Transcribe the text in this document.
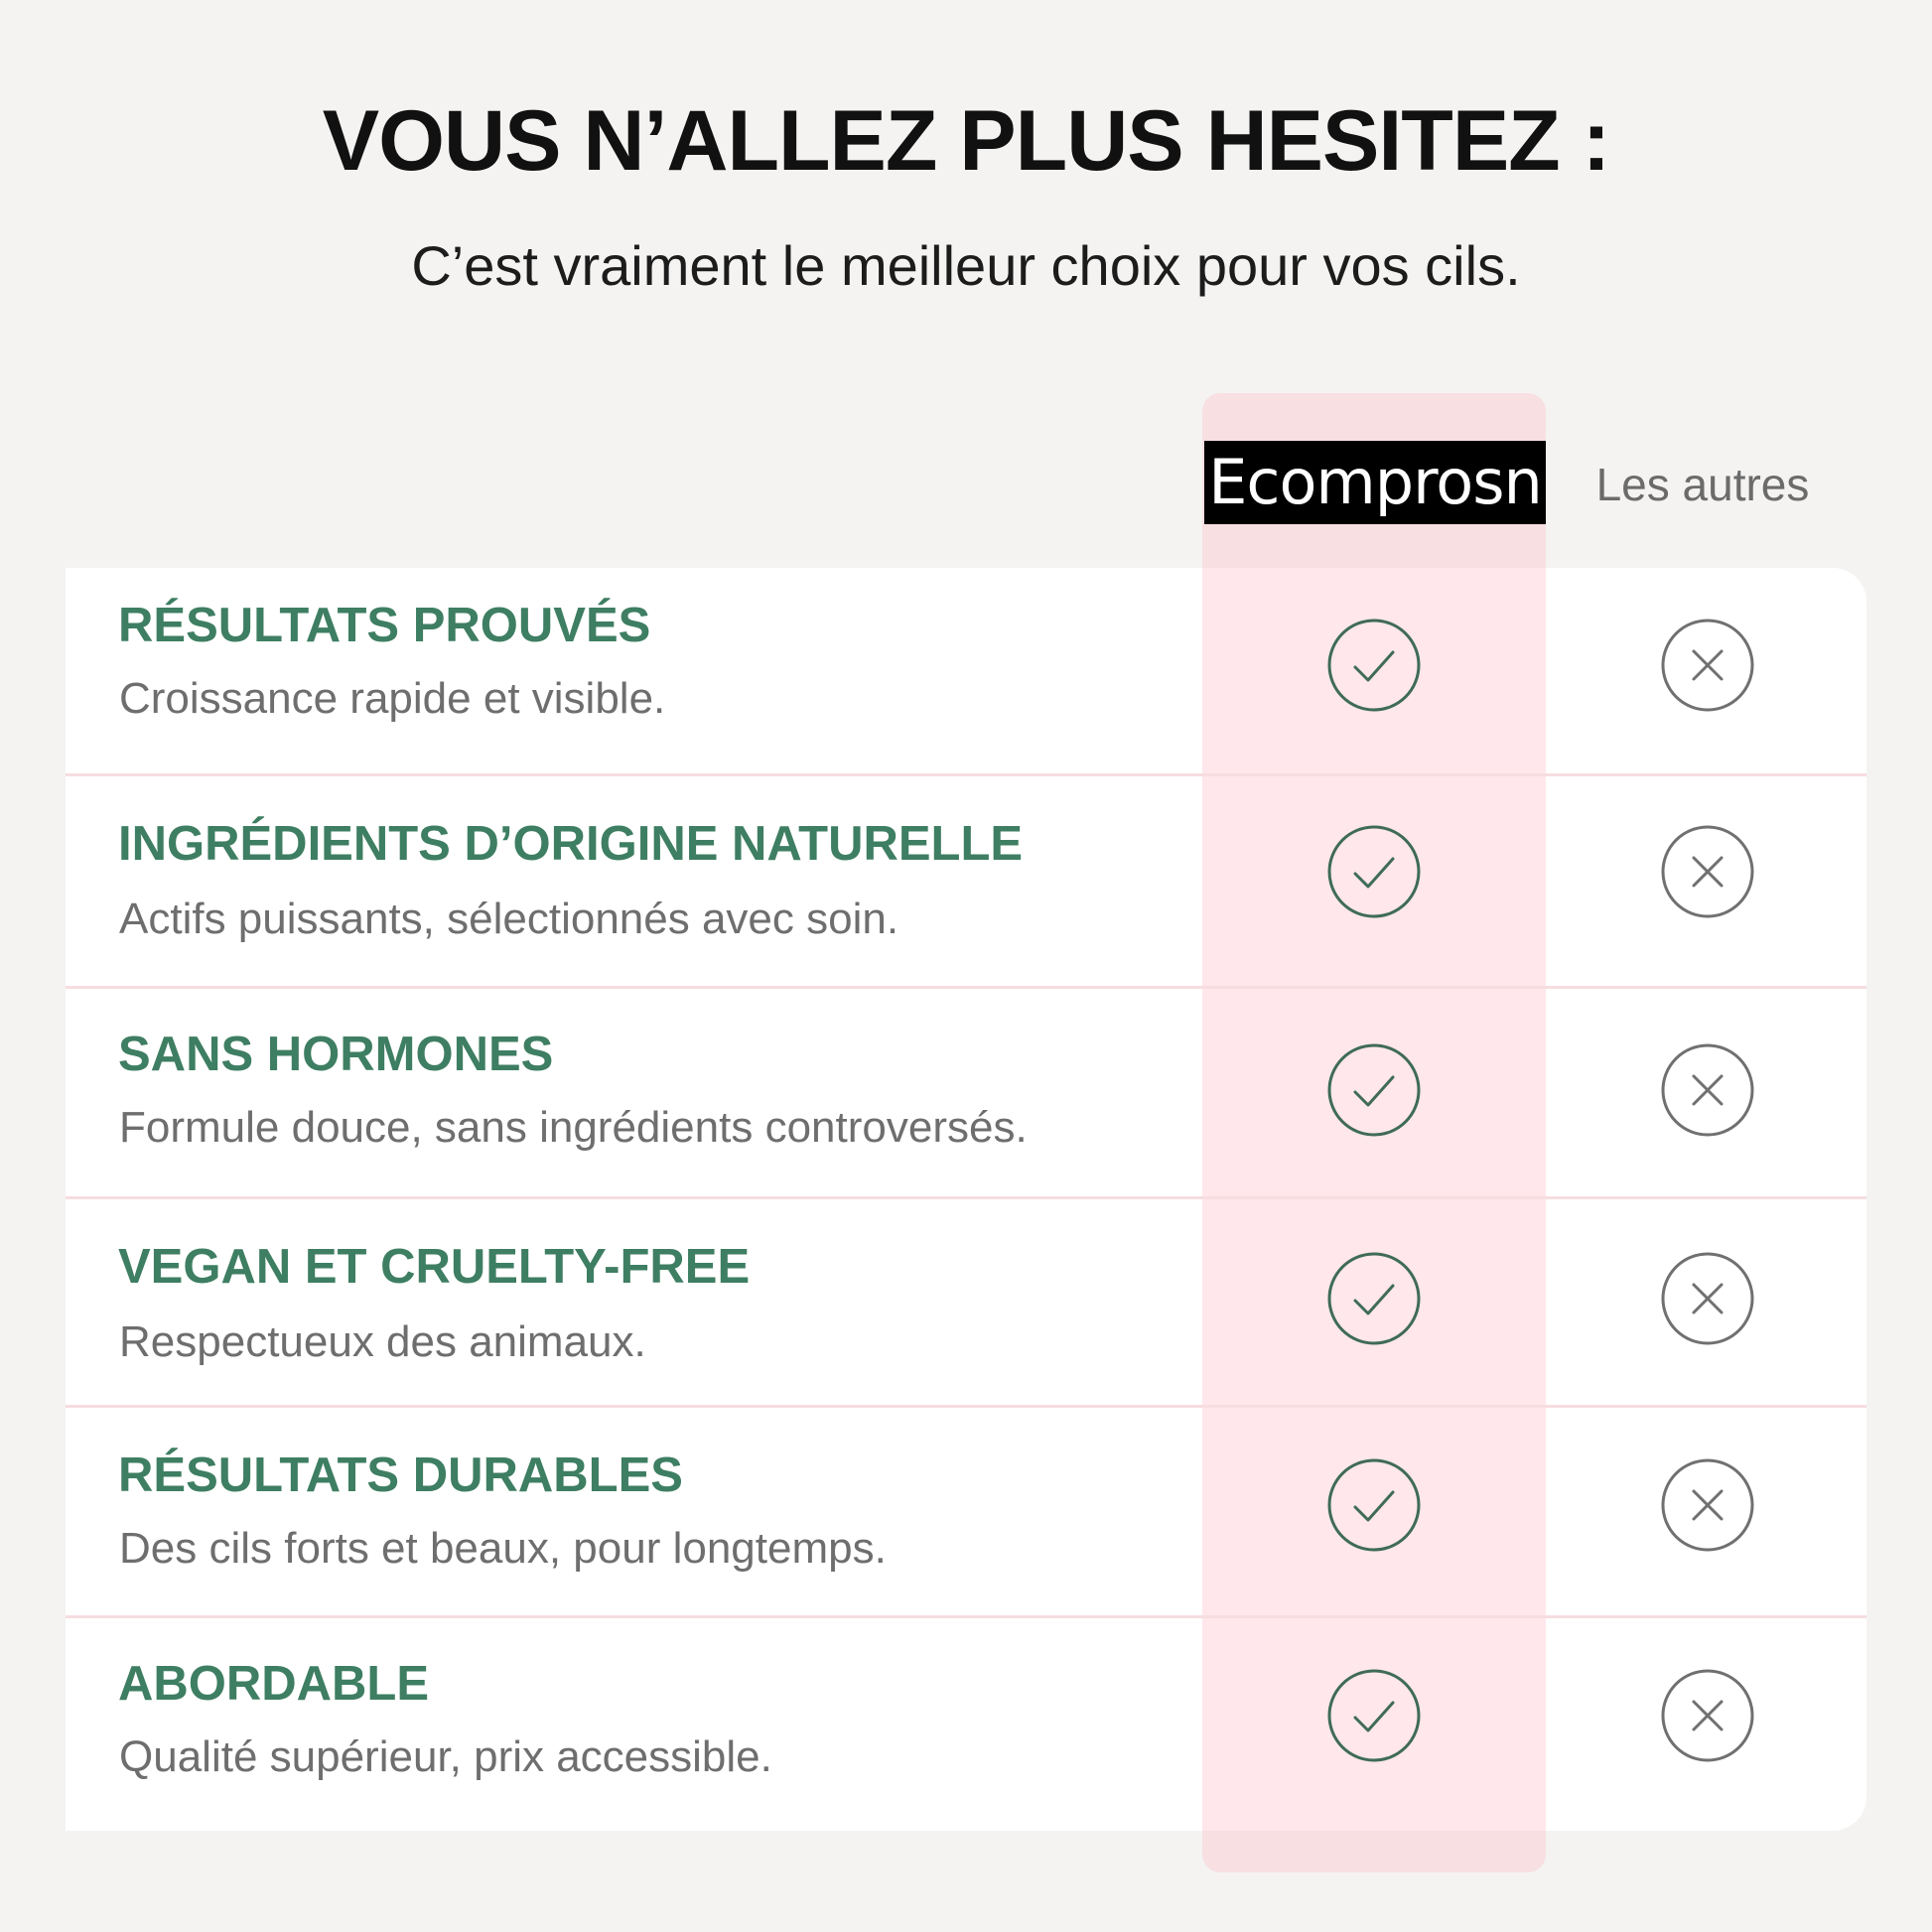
VOUS N’ALLEZ PLUS HESITEZ :
C’est vraiment le meilleur choix pour vos cils.
Ecomprosn	Les autres
RÉSULTATS PROUVÉS
Croissance rapide et visible.
INGRÉDIENTS D’ORIGINE NATURELLE
Actifs puissants, sélectionnés avec soin.
SANS HORMONES
Formule douce, sans ingrédients controversés.
VEGAN ET CRUELTY-FREE
Respectueux des animaux.
RÉSULTATS DURABLES
Des cils forts et beaux, pour longtemps.
ABORDABLE
Qualité supérieur, prix accessible.
